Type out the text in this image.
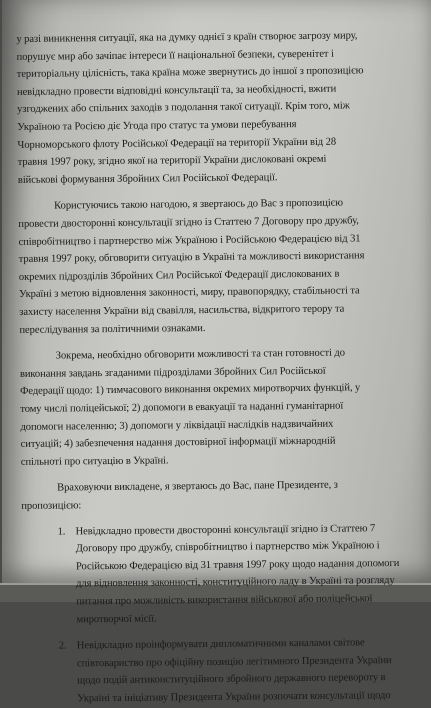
у разі виникнення ситуації, яка на думку однієї з країн створює загрозу миру,
порушує мир або зачіпає інтереси її національної безпеки, суверенітет і
територіальну цілісність, така країна може звернутись до іншої з пропозицією
невідкладно провести відповідні консультації та, за необхідності, вжити
узгоджених або спільних заходів з подолання такої ситуації. Крім того, між
Україною та Росією діє Угода про статус та умови перебування
Чорноморського флоту Російської Федерації на території України від 28
травня 1997 року, згідно якої на території України дислоковані окремі
військові формування Збройних Сил Російської Федерації.
Користуючись такою нагодою, я звертаюсь до Вас з пропозицією
провести двосторонні консультації згідно із Статтею 7 Договору про дружбу,
співробітництво і партнерство між Україною і Російською Федерацією від 31
травня 1997 року, обговорити ситуацію в Україні та можливості використання
окремих підрозділів Збройних Сил Російської Федерації дислокованих в
Україні з метою відновлення законності, миру, правопорядку, стабільності та
захисту населення України від свавілля, насильства, відкритого терору та
переслідування за політичними ознаками.
Зокрема, необхідно обговорити можливості та стан готовності до
виконання завдань згаданими підрозділами Збройних Сил Російської
Федерації щодо: 1) тимчасового виконання окремих миротворчих функцій, у
тому числі поліцейської; 2) допомоги в евакуації та наданні гуманітарної
допомоги населенню; 3) допомоги у ліквідації наслідків надзвичайних
ситуацій; 4) забезпечення надання достовірної інформації міжнародній
спільноті про ситуацію в Україні.
Враховуючи викладене, я звертаюсь до Вас, пане Президенте, з
пропозицією:
1. Невідкладно провести двосторонні консультації згідно із Статтею 7
Договору про дружбу, співробітництво і партнерство між Україною і
Російською Федерацією від 31 травня 1997 року щодо надання допомоги
для відновлення законності, конституційного ладу в Україні та розгляду
питання про можливість використання військової або поліцейської
миротворчої місії.
2. Невідкладно проінформувати дипломатичними каналами світове
співтовариство про офіційну позицію легітимного Президента України
щодо подій антиконституційного збройного державного перевороту в
Україні та ініціативу Президента України розпочати консультації щодо
